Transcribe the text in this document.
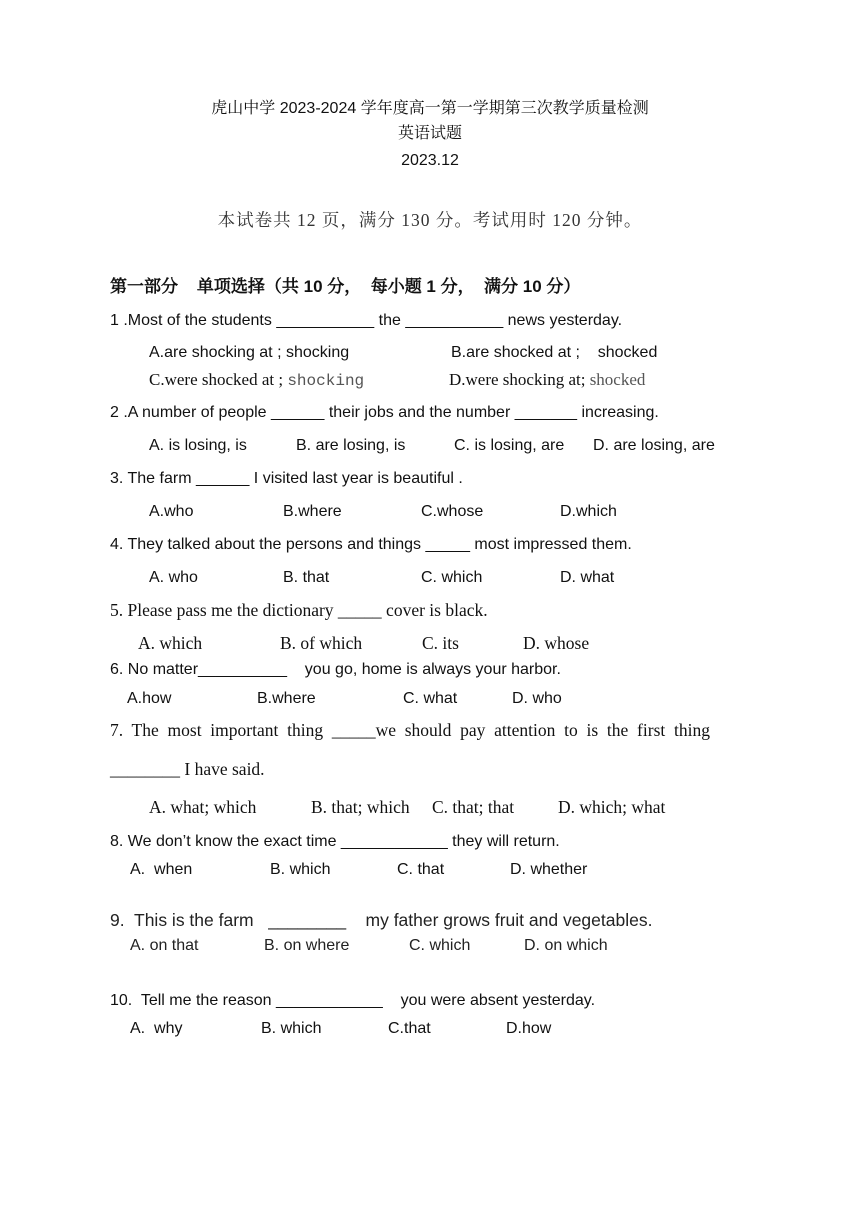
虎山中学 2023-2024 学年度高一第一学期第三次教学质量检测
英语试题
2023.12
本试卷共 12 页，满分 130 分。考试用时 120 分钟。
第一部分    单项选择（共 10 分，  每小题 1 分，  满分 10 分）
1 .Most of the students ___________ the ___________ news yesterday.
A.are shocking at ; shocking	B.are shocked at ;    shocked
C.were shocked at ; shocking	D.were shocking at; shocked
2 .A number of people ______ their jobs and the number _______ increasing.
A. is losing, is	B. are losing, is	C. is losing, are D. are losing, are
3. The farm ______ I visited last year is beautiful .
A.who	B.where	C.whose	D.which
4. They talked about the persons and things _____ most impressed them.
A. who	B. that	C. which	D. what
5. Please pass me the dictionary _____ cover is black.
A. which	B. of which	C. its	D. whose
6. No matter__________    you go, home is always your harbor.
A.how	B.where	C. what	D. who
7.  The  most  important  thing  _____we  should  pay  attention  to  is  the  first  thing
________ I have said.
A. what; which	B. that; which C. that; that	D. which; what
8. We don’t know the exact time ____________ they will return.
A.  when	B. which	C. that	D. whether
9.  This is the farm   ________    my father grows fruit and vegetables.
A. on that	B. on where	C. which	D. on which
10.  Tell me the reason ____________    you were absent yesterday.
A.  why	B. which	C.that	D.how
